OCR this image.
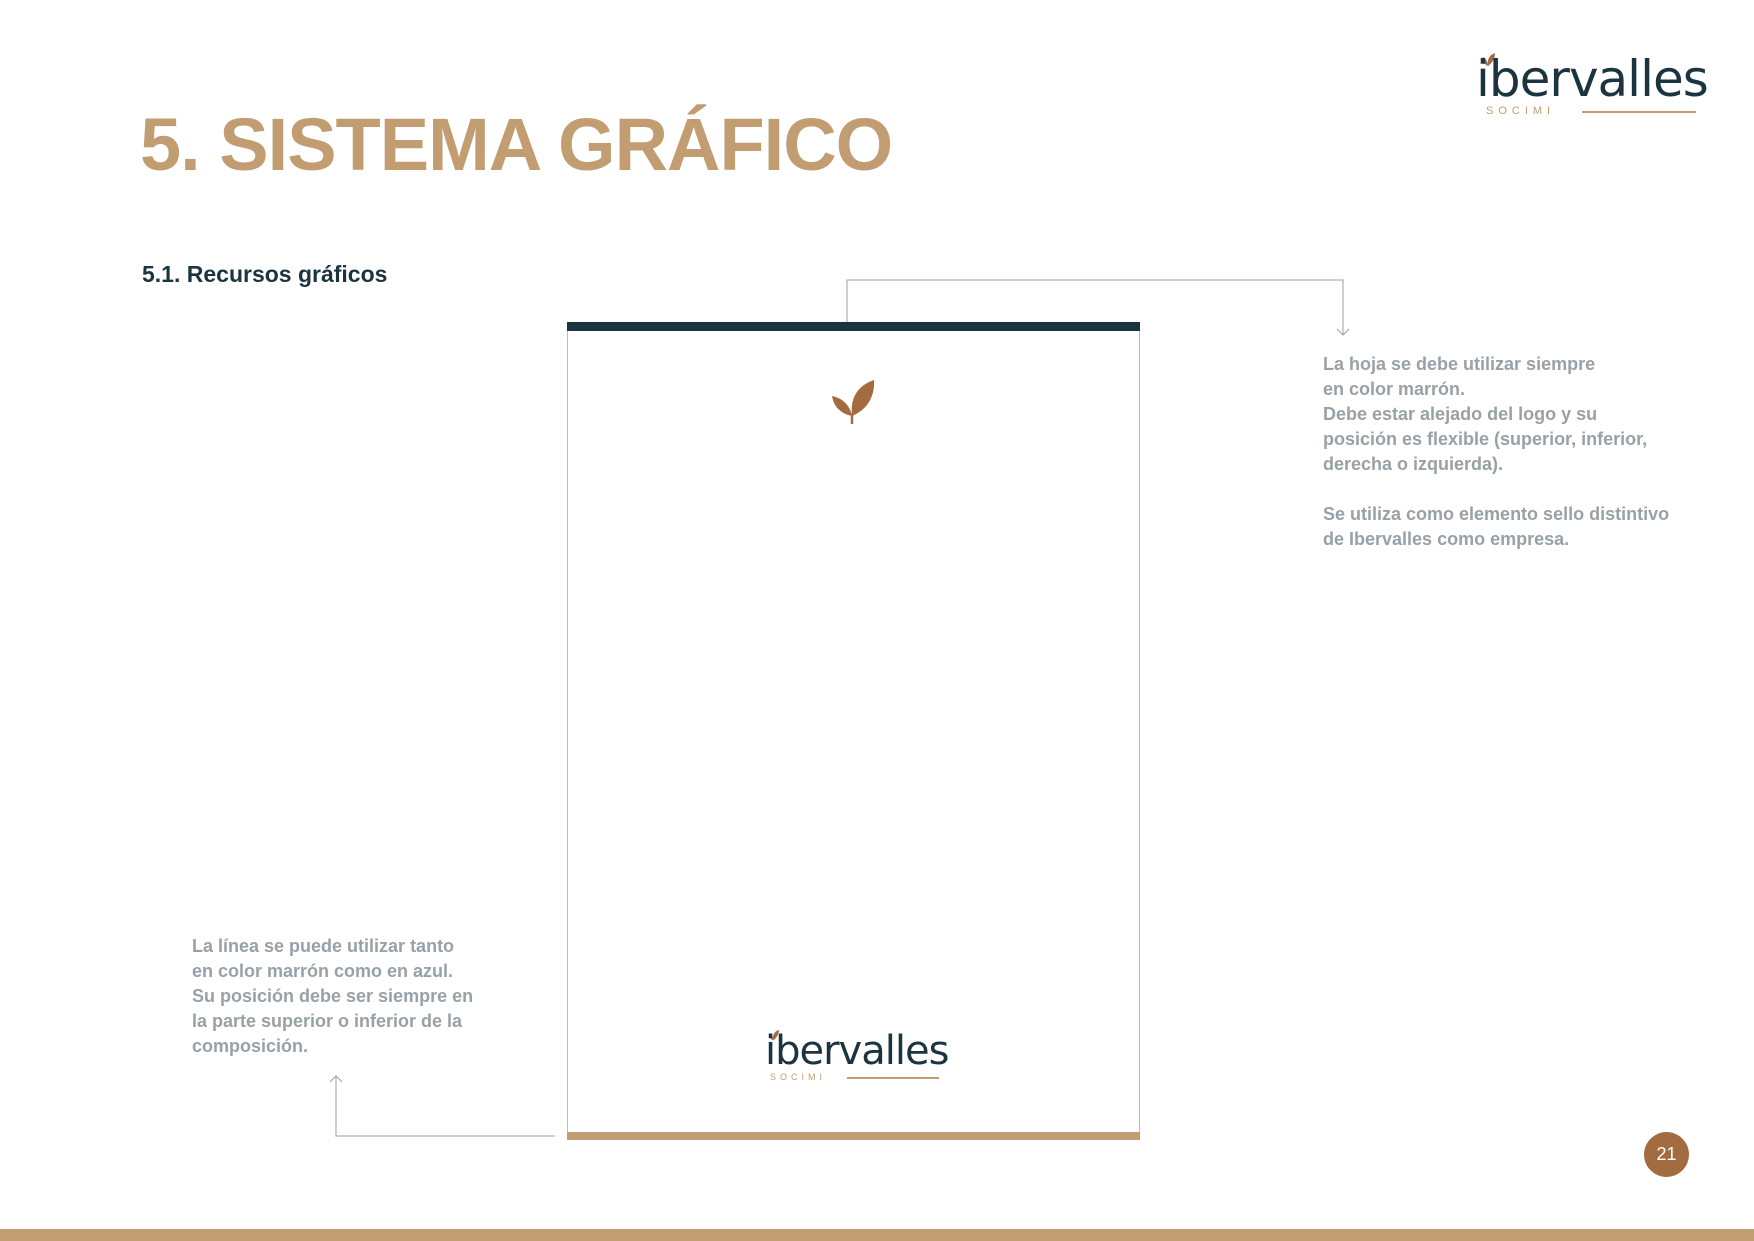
ibervalles
SOCIMI
5. SISTEMA GRÁFICO
5.1. Recursos gráficos
ibervalles
SOCIMI
La hoja se debe utilizar siempre
en color marrón.
Debe estar alejado del logo y su
posición es flexible (superior, inferior,
derecha o izquierda).

Se utiliza como elemento sello distintivo
de Ibervalles como empresa.
La línea se puede utilizar tanto
en color marrón como en azul.
Su posición debe ser siempre en
la parte superior o inferior de la
composición.
21
